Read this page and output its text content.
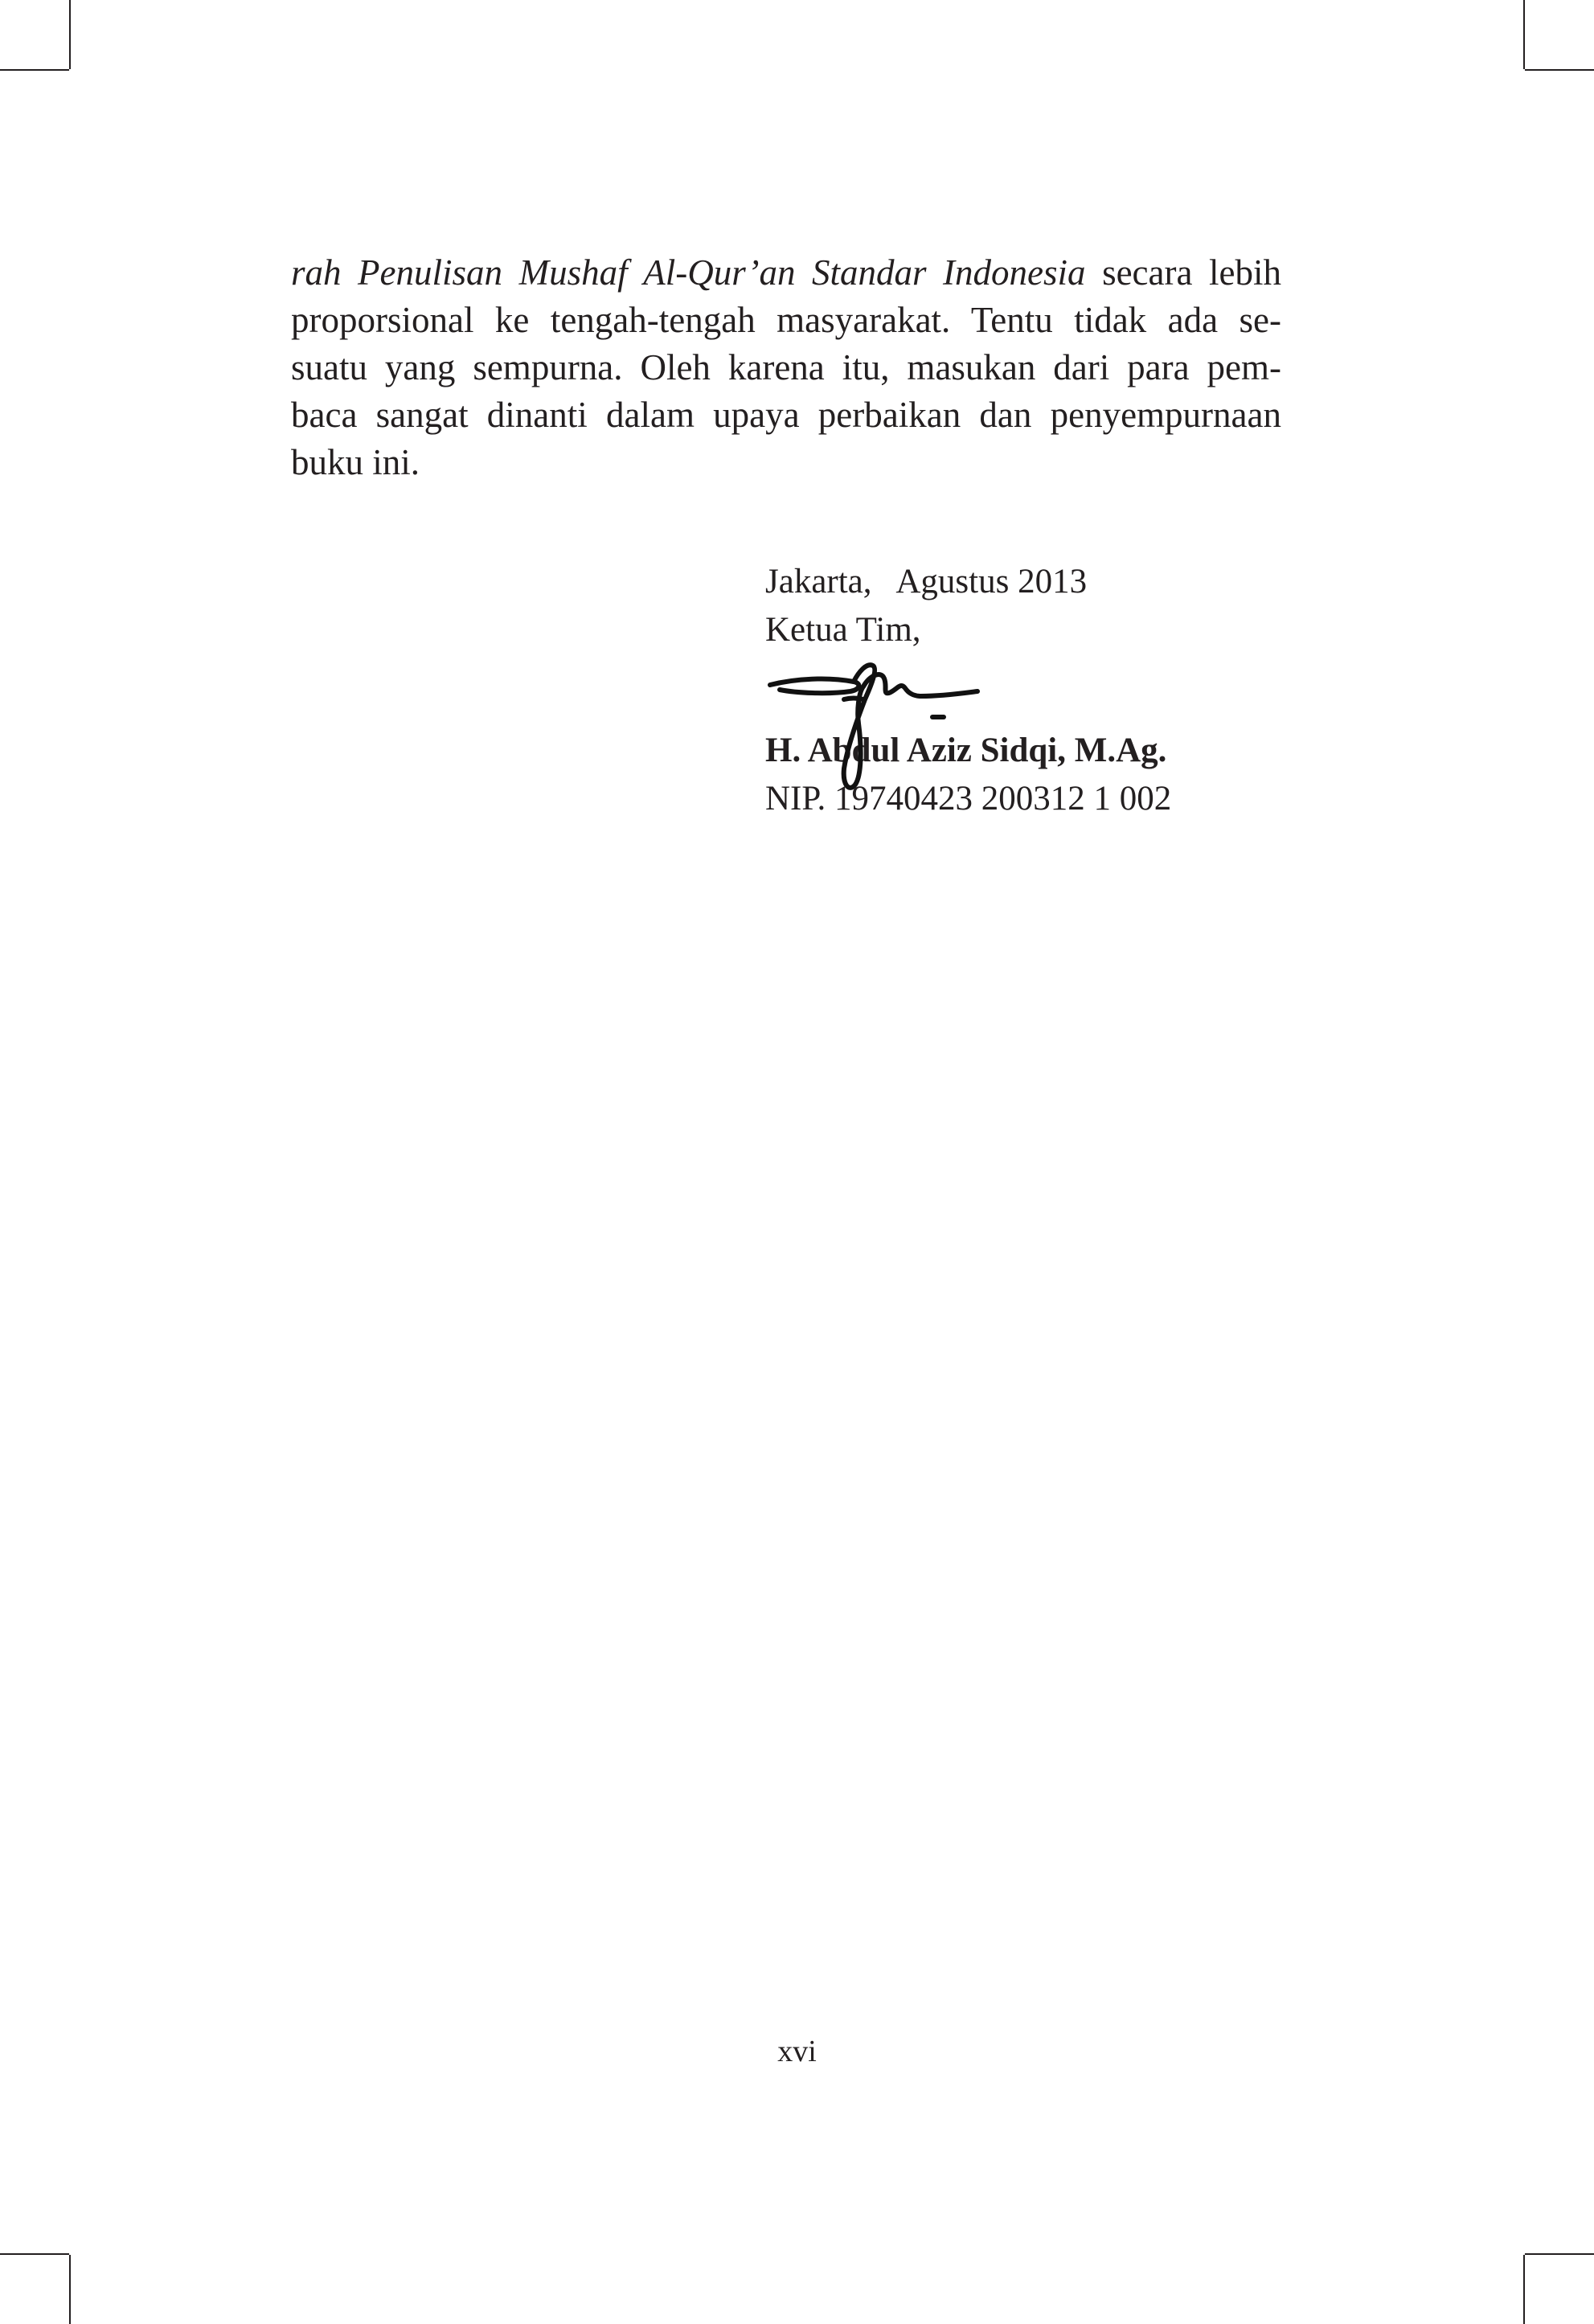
rah Penulisan Mushaf Al-Qur’an Standar Indonesia secara lebih
proporsional ke tengah-tengah masyarakat. Tentu tidak ada se-
suatu yang sempurna. Oleh karena itu, masukan dari para pem-
baca sangat dinanti dalam upaya perbaikan dan penyempurnaan
buku ini.
Jakarta,   Agustus 2013
Ketua Tim,
H. Abdul Aziz Sidqi, M.Ag.
NIP. 19740423 200312 1 002
xvi
